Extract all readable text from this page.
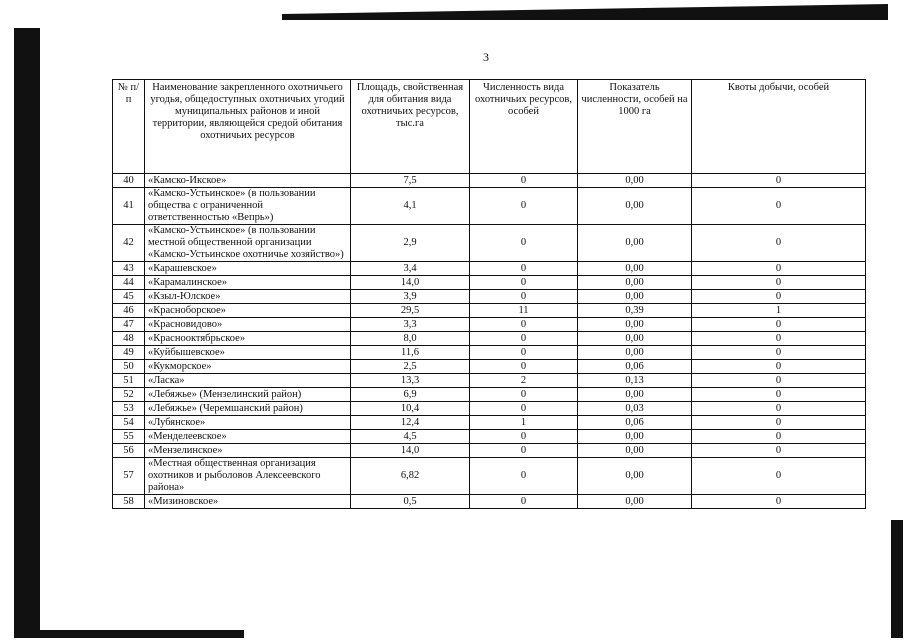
3
№ п/п	Наименование закрепленного охотничьего угодья, общедоступных охотничьих угодий муниципальных районов и иной территории, являющейся средой обитания охотничьих ресурсов	Площадь, свойственная для обитания вида охотничьих ресурсов, тыс.га	Численность вида охотничьих ресурсов, особей	Показатель численности, особей на 1000 га	Квоты добычи, особей
40	«Камско-Икское»	7,5	0	0,00	0
41	«Камско-Устьинское» (в пользовании общества с ограниченной ответственностью «Вепрь»)	4,1	0	0,00	0
42	«Камско-Устьинское» (в пользовании местной общественной организации «Камско-Устьинское охотничье хозяйство»)	2,9	0	0,00	0
43	«Карашевское»	3,4	0	0,00	0
44	«Карамалинское»	14,0	0	0,00	0
45	«Кзыл-Юлское»	3,9	0	0,00	0
46	«Красноборское»	29,5	11	0,39	1
47	«Красновидово»	3,3	0	0,00	0
48	«Краснооктябрьское»	8,0	0	0,00	0
49	«Куйбышевское»	11,6	0	0,00	0
50	«Кукморское»	2,5	0	0,06	0
51	«Ласка»	13,3	2	0,13	0
52	«Лебяжье» (Мензелинский район)	6,9	0	0,00	0
53	«Лебяжье» (Черемшанский район)	10,4	0	0,03	0
54	«Лубянское»	12,4	1	0,06	0
55	«Менделеевское»	4,5	0	0,00	0
56	«Мензелинское»	14,0	0	0,00	0
57	«Местная общественная организация охотников и рыболовов Алексеевского района»	6,82	0	0,00	0
58	«Мизиновское»	0,5	0	0,00	0
